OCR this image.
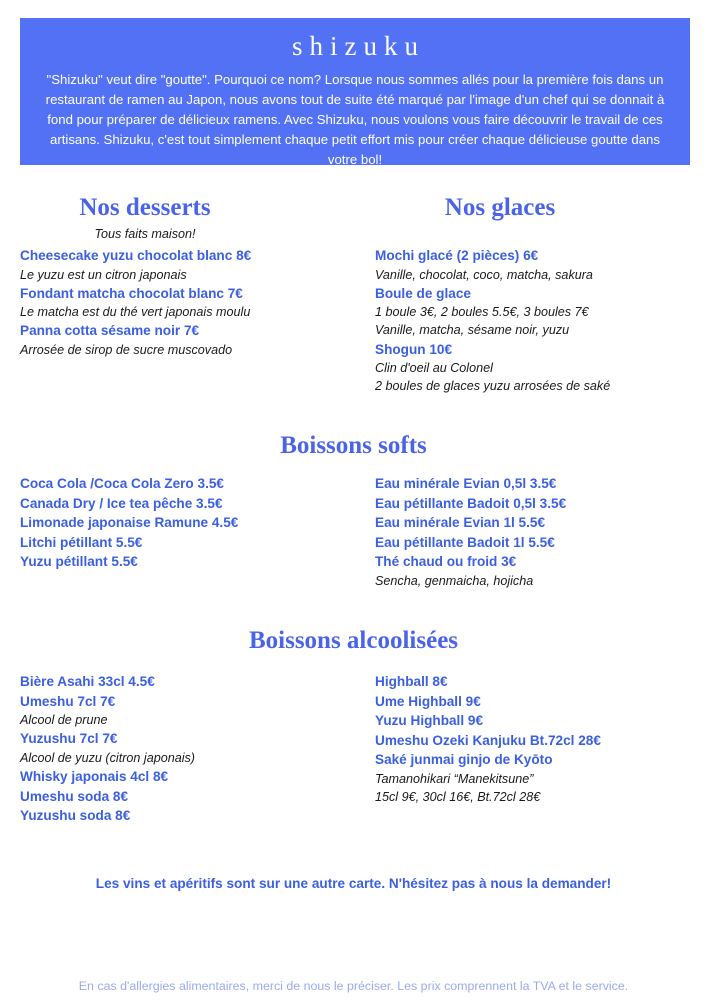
shizuku
"Shizuku" veut dire "goutte". Pourquoi ce nom? Lorsque nous sommes allés pour la première fois dans un restaurant de ramen au Japon, nous avons tout de suite été marqué par l'image d'un chef qui se donnait à fond pour préparer de délicieux ramens. Avec Shizuku, nous voulons vous faire découvrir le travail de ces artisans. Shizuku, c'est tout simplement chaque petit effort mis pour créer chaque délicieuse goutte dans votre bol!
Nos desserts
Tous faits maison!

Cheesecake yuzu chocolat blanc 8€

Le yuzu est un citron japonais

Fondant matcha chocolat blanc 7€

Le matcha est du thé vert japonais moulu

Panna cotta sésame noir 7€

Arrosée de sirop de sucre muscovado

Nos glaces

Mochi glacé (2 pièces) 6€

Vanille, chocolat, coco, matcha, sakura

Boule de glace

1 boule 3€, 2 boules 5.5€, 3 boules 7€

Vanille, matcha, sésame noir, yuzu

Shogun 10€

Clin d'oeil au Colonel

2 boules de glaces yuzu arrosées de saké

Boissons softs

Coca Cola /Coca Cola Zero 3.5€

Canada Dry / Ice tea pêche 3.5€

Limonade japonaise Ramune 4.5€

Litchi pétillant 5.5€

Yuzu pétillant 5.5€

Eau minérale Evian 0,5l 3.5€

Eau pétillante Badoit 0,5l 3.5€

Eau minérale Evian 1l 5.5€

Eau pétillante Badoit 1l 5.5€

Thé chaud ou froid 3€

Sencha, genmaicha, hojicha

Boissons alcoolisées

Bière Asahi 33cl 4.5€

Umeshu 7cl 7€

Alcool de prune

Yuzushu 7cl 7€

Alcool de yuzu (citron japonais)

Whisky japonais 4cl 8€

Umeshu soda 8€

Yuzushu soda 8€

Highball 8€

Ume Highball 9€

Yuzu Highball 9€

Umeshu Ozeki Kanjuku Bt.72cl 28€

Saké junmai ginjo de Kyōto

Tamanohikari “Manekitsune”

15cl 9€, 30cl 16€, Bt.72cl 28€

Les vins et apéritifs sont sur une autre carte. N'hésitez pas à nous la demander!

En cas d'allergies alimentaires, merci de nous le préciser. Les prix comprennent la TVA et le service.
